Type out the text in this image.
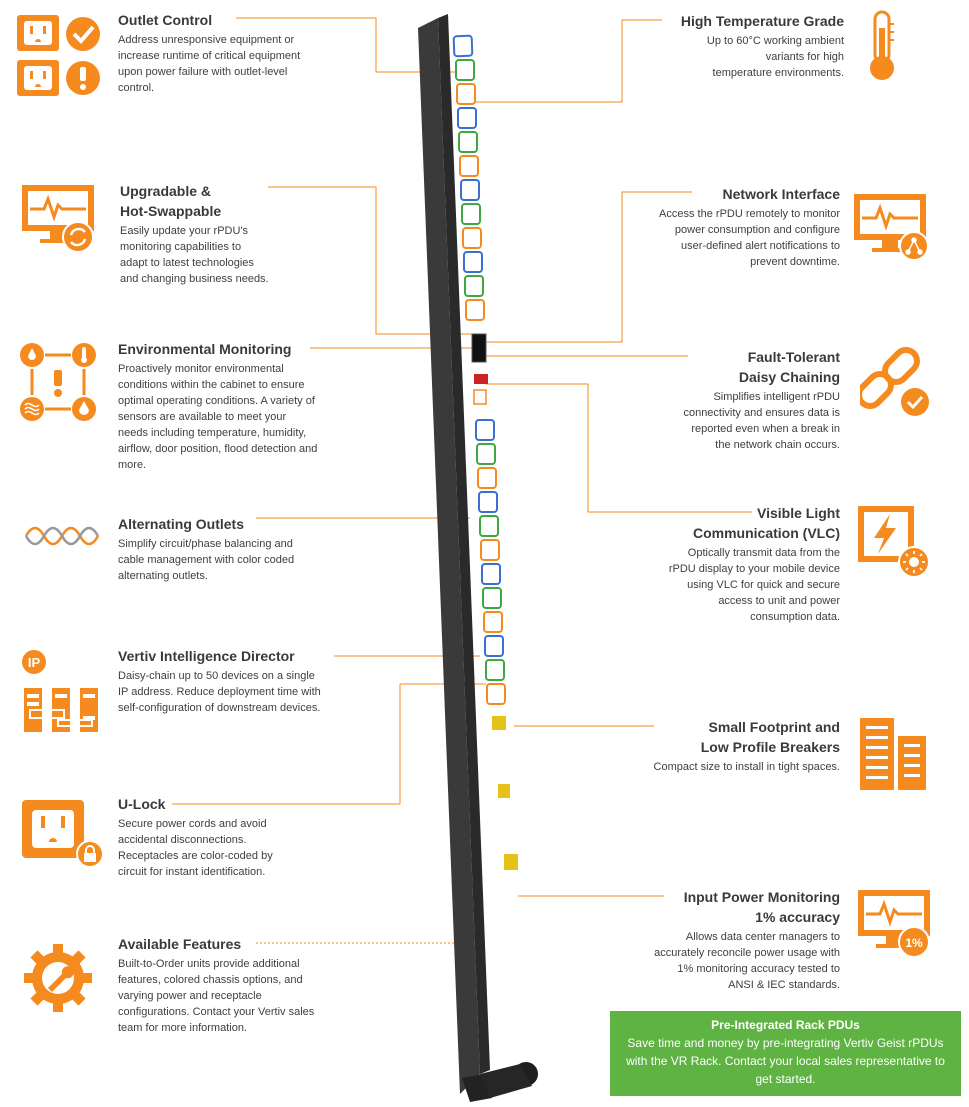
IP
1%
Outlet Control

Address unresponsive equipment or increase runtime of critical equipment upon power failure with outlet-level control.

Upgradable & Hot-Swappable

Easily update your rPDU's monitoring capabilities to adapt to latest technologies and changing business needs.

Environmental Monitoring

Proactively monitor environmental conditions within the cabinet to ensure optimal operating conditions. A variety of sensors are available to meet your needs including temperature, humidity, airflow, door position, flood detection and more.

Alternating Outlets

Simplify circuit/phase balancing and cable management with color coded alternating outlets.

Vertiv Intelligence Director

Daisy-chain up to 50 devices on a single IP address. Reduce deployment time with self-configuration of downstream devices.

U-Lock

Secure power cords and avoid accidental disconnections. Receptacles are color-coded by circuit for instant identification.

Available Features

Built-to-Order units provide additional features, colored chassis options, and varying power and receptacle configurations. Contact your Vertiv sales team for more information.

High Temperature Grade

Up to 60°C working ambient variants for high temperature environments.

Network Interface

Access the rPDU remotely to monitor power consumption and configure user-defined alert notifications to prevent downtime.

Fault-Tolerant Daisy Chaining

Simplifies intelligent rPDU connectivity and ensures data is reported even when a break in the network chain occurs.

Visible Light Communication (VLC)

Optically transmit data from the rPDU display to your mobile device using VLC for quick and secure access to unit and power consumption data.

Small Footprint and Low Profile Breakers

Compact size to install in tight spaces.

Input Power Monitoring 1% accuracy

Allows data center managers to accurately reconcile power usage with 1% monitoring accuracy tested to ANSI & IEC standards.

Pre-Integrated Rack PDUs

Save time and money by pre-integrating Vertiv Geist rPDUs with the VR Rack. Contact your local sales representative to get started.
